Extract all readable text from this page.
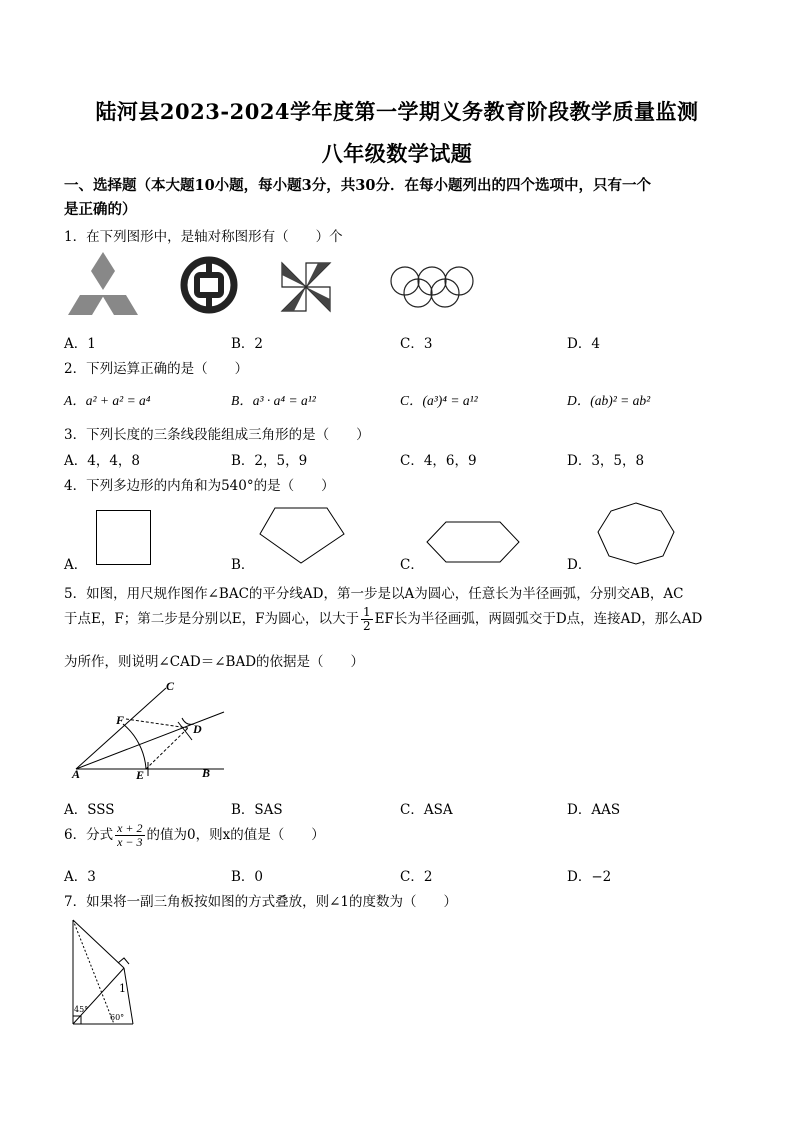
陆河县2023-2024学年度第一学期义务教育阶段教学质量监测
八年级数学试题
一、选择题（本大题10小题，每小题3分，共30分．在每小题列出的四个选项中，只有一个
是正确的）
1．在下列图形中，是轴对称图形有（　　）个
A．1	B．2	C．3	D．4
2．下列运算正确的是（　　）
A．a² + a² = a⁴	B．a³ · a⁴ = a¹²	C．(a³)⁴ = a¹²	D．(ab)² = ab²
3．下列长度的三条线段能组成三角形的是（　　）
A．4，4，8	B．2，5，9	C．4，6，9	D．3，5，8
4．下列多边形的内角和为540°的是（　　）
A．	B．	C．	D．
5．如图，用尺规作图作∠BAC的平分线AD，第一步是以A为圆心，任意长为半径画弧，分别交AB，AC
于点E，F；第二步是分别以E，F为圆心，以大于 $\frac{1}{2}$ EF长为半径画弧，两圆弧交于D点，连接AD，那么AD
为所作，则说明∠CAD＝∠BAD的依据是（　　）
C
F
D
A	E	B
A．SSS	B．SAS	C．ASA	D．AAS
6．分式 $\frac{x + 2}{x - 3}$ 的值为0，则x的值是（　　）
A．3	B．0	C．2	D．−2
7．如果将一副三角板按如图的方式叠放，则∠1的度数为（　　）
45°
60°
1
